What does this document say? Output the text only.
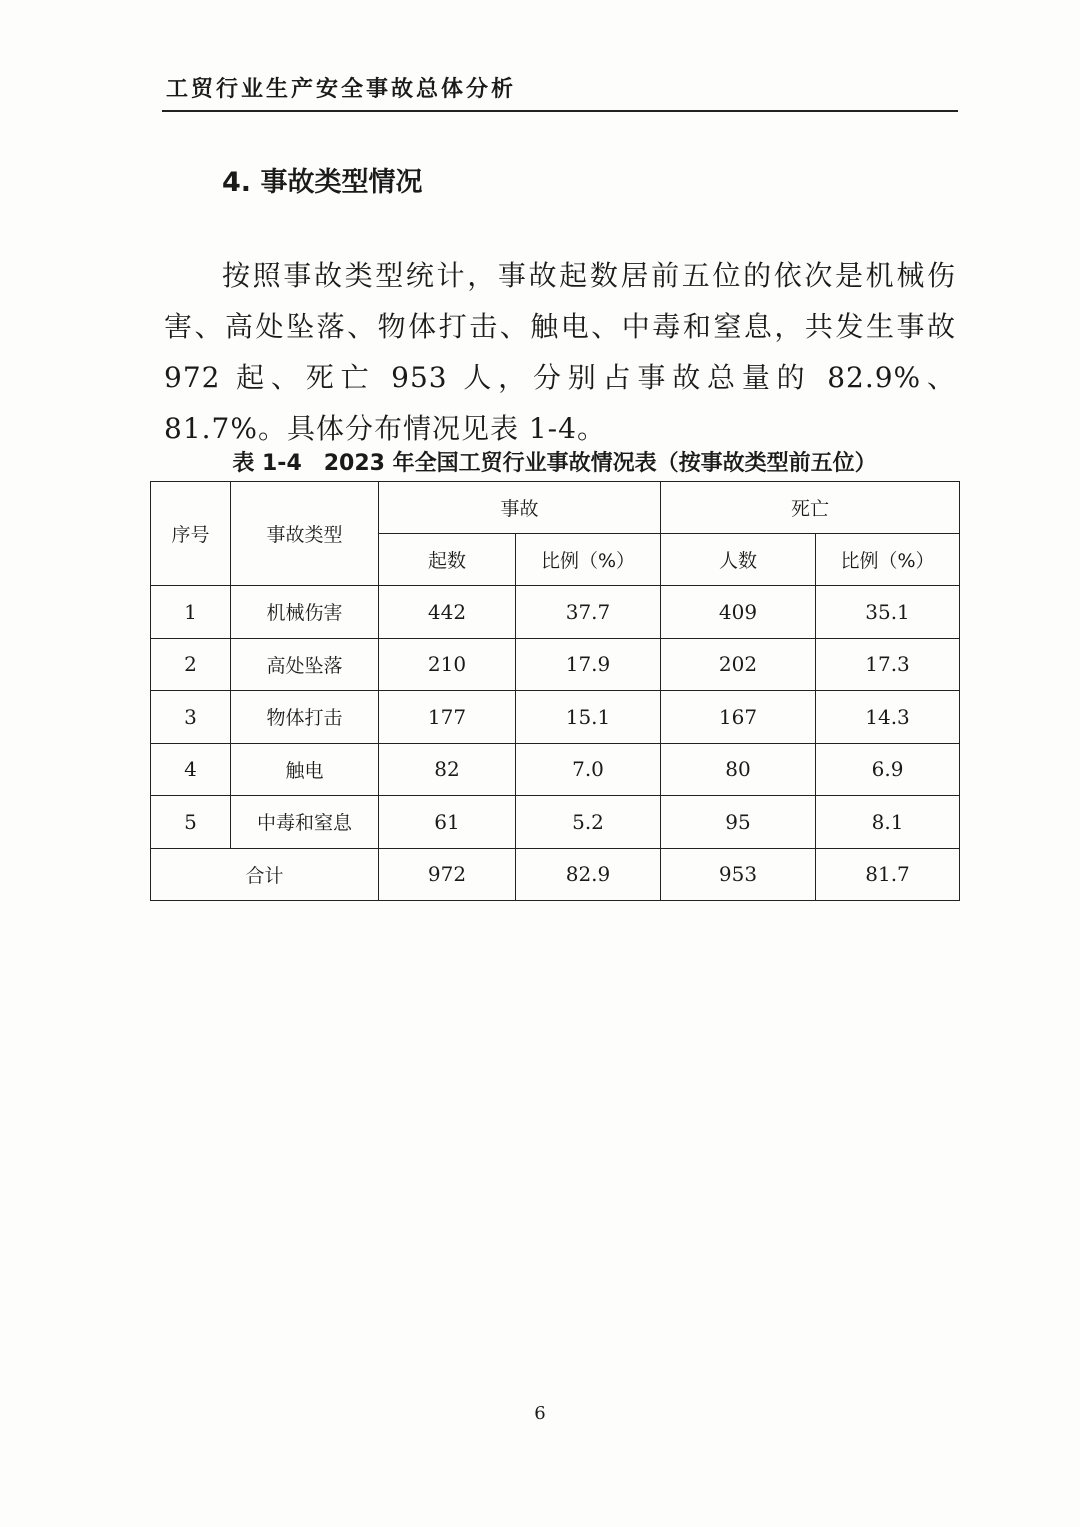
工贸行业生产安全事故总体分析
4. 事故类型情况

按照事故类型统计，事故起数居前五位的依次是机械伤害、高处坠落、物体打击、触电、中毒和窒息，共发生事故 972 起、死亡 953 人，分别占事故总量的 82.9%、81.7%。具体分布情况见表 1-4。

表 1-4　2023 年全国工贸行业事故情况表（按事故类型前五位）
序号	事故类型	事故		死亡	
		起数	比例（%）	人数	比例（%）
1	机械伤害	442	37.7	409	35.1
2	高处坠落	210	17.9	202	17.3
3	物体打击	177	15.1	167	14.3
4	触电	82	7.0	80	6.9
5	中毒和窒息	61	5.2	95	8.1
合计		972	82.9	953	81.7
6
